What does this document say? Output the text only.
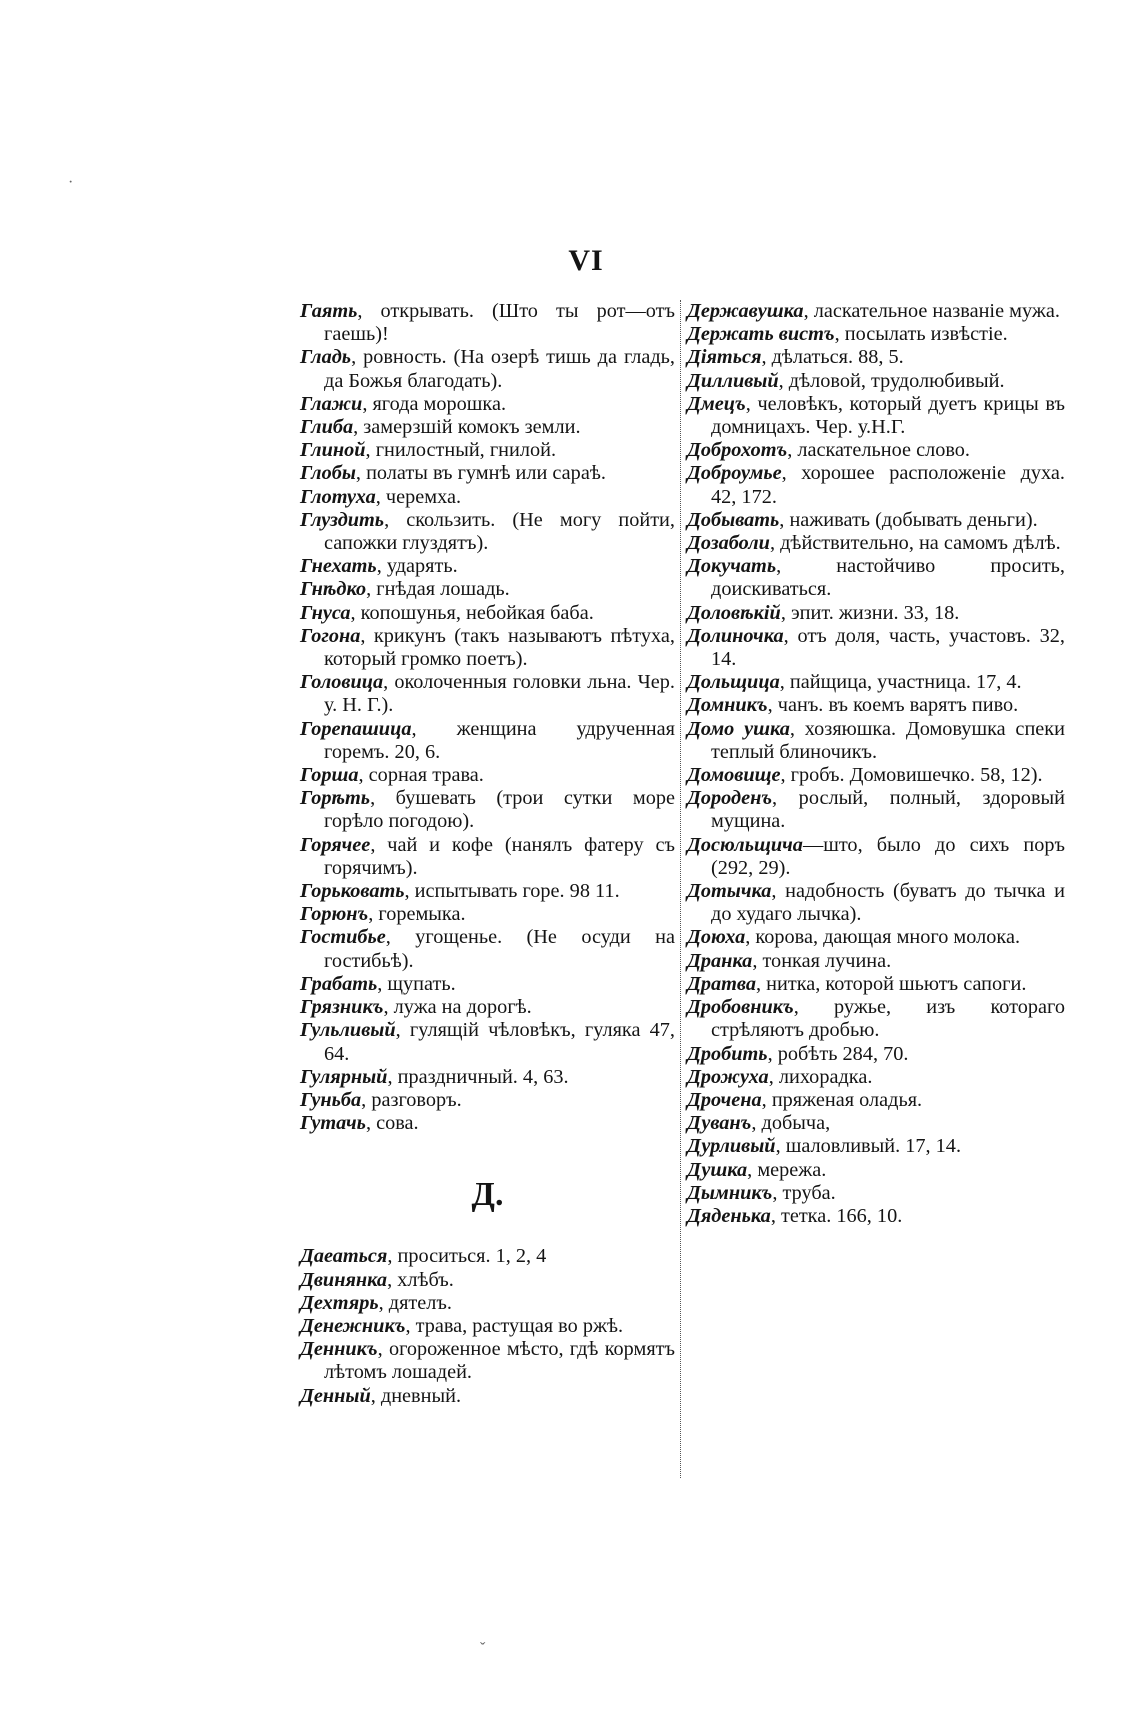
VI

Гаять, открывать. (Што ты рот—отъ гаешь)!

Гладь, ровность. (На озерѣ тишь да гладь, да Божья благодать).

Глажи, ягода морошка.

Глиба, замерзшій комокъ земли.

Глиной, гнилостный, гнилой.

Глобы, полаты въ гумнѣ или сараѣ.

Глотуха, черемха.

Глуздить, скользить. (Не могу пойти, сапожки глуздятъ).

Гнехать, ударять.

Гнѣдко, гнѣдая лошадь.

Гнуса, копошунья, небойкая баба.

Гогона, крикунъ (такъ называютъ пѣтуха, который громко поетъ).

Головица, околоченныя головки льна. Чер. у. Н. Г.).

Горепашица, женщина удрученная горемъ. 20, 6.

Горша, сорная трава.

Горѣть, бушевать (трои сутки море горѣло погодою).

Горячее, чай и кофе (нанялъ фатеру съ горячимъ).

Горьковать, испытывать горе. 98 11.

Горюнъ, горемыка.

Гостибье, угощенье. (Не осуди на гостибьѣ).

Грабать, щупать.

Грязникъ, лужа на дорогѣ.

Гульливый, гулящій чѣловѣкъ, гуляка 47, 64.

Гулярный, праздничный. 4, 63.

Гуньба, разговоръ.

Гутачь, сова.

Д.

Даеаться, проситься. 1, 2, 4

Двинянка, хлѣбъ.

Дехтярь, дятелъ.

Денежникъ, трава, растущая во ржѣ.

Денникъ, огороженное мѣсто, гдѣ кормятъ лѣтомъ лошадей.

Денный, дневный.

Державушка, ласкательное названіе мужа.

Держать вистъ, посылать извѣстіе.

Діяться, дѣлаться. 88, 5.

Дилливый, дѣловой, трудолюбивый.

Дмецъ, человѣкъ, который дуетъ крицы въ домницахъ. Чер. у.Н.Г.

Доброхотъ, ласкательное слово.

Доброумье, хорошее расположеніе духа. 42, 172.

Добывать, наживать (добывать деньги).

Дозаболи, дѣйствительно, на самомъ дѣлѣ.

Докучать, настойчиво просить, доискиваться.

Доловѣкій, эпит. жизни. 33, 18.

Долиночка, отъ доля, часть, участовъ. 32, 14.

Дольщица, пайщица, участница. 17, 4.

Домникъ, чанъ. въ коемъ варятъ пиво.

Домо ушка, хозяюшка. Домовушка спеки теплый блиночикъ.

Домовище, гробъ. Домовишечко. 58, 12).

Дороденъ, рослый, полный, здоровый мущина.

Досюльщича—што, было до сихъ поръ (292, 29).

Дотычка, надобность (буватъ до тычка и до худаго лычка).

Доюха, корова, дающая много молока.

Дранка, тонкая лучина.

Дратва, нитка, которой шьютъ сапоги.

Дробовникъ, ружье, изъ котораго стрѣляютъ дробью.

Дробить, робѣть 284, 70.

Дрожуха, лихорадка.

Дрочена, пряженая оладья.

Дуванъ, добыча,

Дурливый, шаловливый. 17, 14.

Душка, мережа.

Дымникъ, труба.

Дяденька, тетка. 166, 10.

·
ˇ
